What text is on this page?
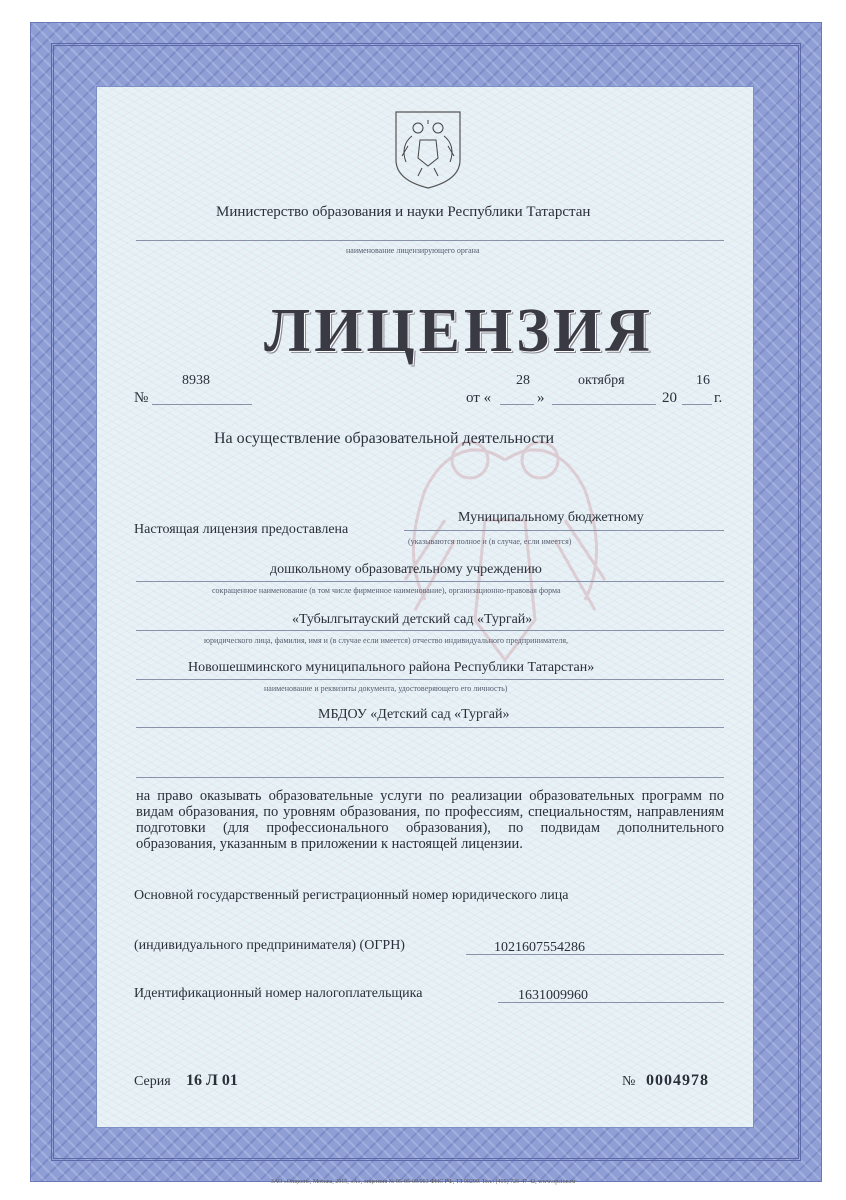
Министерство образования и науки Республики Татарстан
наименование лицензирующего органа
ЛИЦЕНЗИЯ
№
8938
от «
28
»
октября
20
16
г.
На осуществление образовательной деятельности
Настоящая лицензия предоставлена
Муниципальному бюджетному
(указываются полное и (в случае, если имеется)
дошкольному образовательному учреждению
сокращенное наименование (в том числе фирменное наименование), организационно-правовая форма
«Тубылгытауский детский сад «Тургай»
юридического лица, фамилия, имя и (в случае если имеется) отчество индивидуального предпринимателя,
Новошешминского муниципального района Республики Татарстан»
наименование и реквизиты документа, удостоверяющего его личность)
МБДОУ «Детский сад «Тургай»
на право оказывать образовательные услуги по реализации образовательных программ по видам образования, по уровням образования, по профессиям, специальностям, направлениям подготовки (для профессионального образования), по подвидам дополнительного образования, указанным в приложении к настоящей лицензии.
Основной государственный регистрационный номер юридического лица
(индивидуального предпринимателя) (ОГРН)	1021607554286
Идентификационный номер налогоплательщика	1631009960
Серия 16 Л 01	№ 0004978
ЗАО «Опцион», Москва, 2015, «А», лицензия № 05-05-09/003 ФНС РФ, ТЗ 90299. Тел.: (495) 726-47-42, www.opcion.ru
